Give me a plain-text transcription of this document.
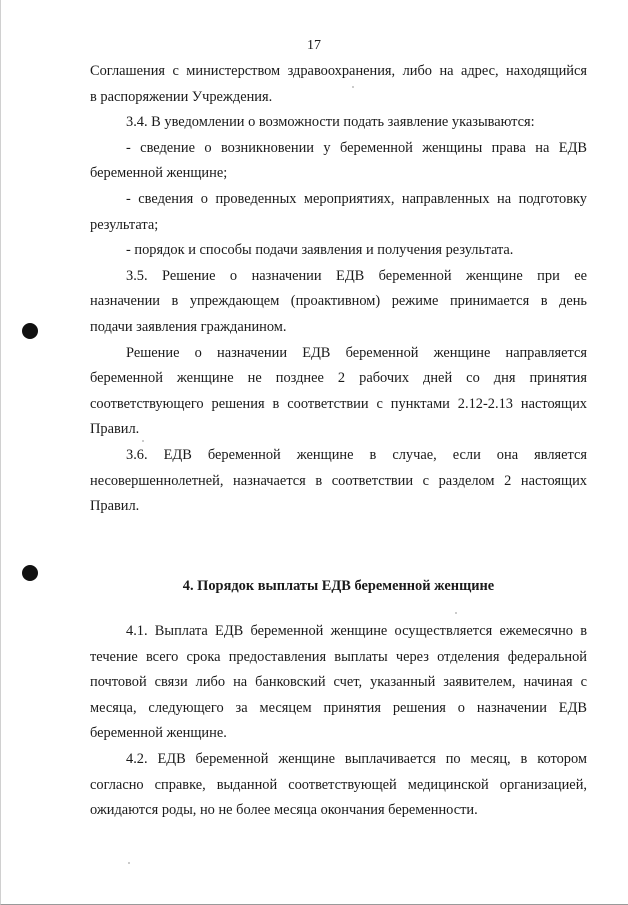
17
Соглашения с министерством здравоохранения, либо на адрес, находящийся
в распоряжении Учреждения.
3.4. В уведомлении о возможности подать заявление указываются:
- сведение о возникновении у беременной женщины права на ЕДВ
беременной женщине;
- сведения о проведенных мероприятиях, направленных на подготовку
результата;
- порядок и способы подачи заявления и получения результата.
3.5. Решение о назначении ЕДВ беременной женщине при ее
назначении в упреждающем (проактивном) режиме принимается в день
подачи заявления гражданином.
Решение о назначении ЕДВ беременной женщине направляется
беременной женщине не позднее 2 рабочих дней со дня принятия
соответствующего решения в соответствии с пунктами 2.12-2.13 настоящих
Правил.
3.6. ЕДВ беременной женщине в случае, если она является
несовершеннолетней, назначается в соответствии с разделом 2 настоящих
Правил.
4. Порядок выплаты ЕДВ беременной женщине
4.1. Выплата ЕДВ беременной женщине осуществляется ежемесячно в
течение всего срока предоставления выплаты через отделения федеральной
почтовой связи либо на банковский счет, указанный заявителем, начиная с
месяца, следующего за месяцем принятия решения о назначении ЕДВ
беременной женщине.
4.2. ЕДВ беременной женщине выплачивается по месяц, в котором
согласно справке, выданной соответствующей медицинской организацией,
ожидаются роды, но не более месяца окончания беременности.
